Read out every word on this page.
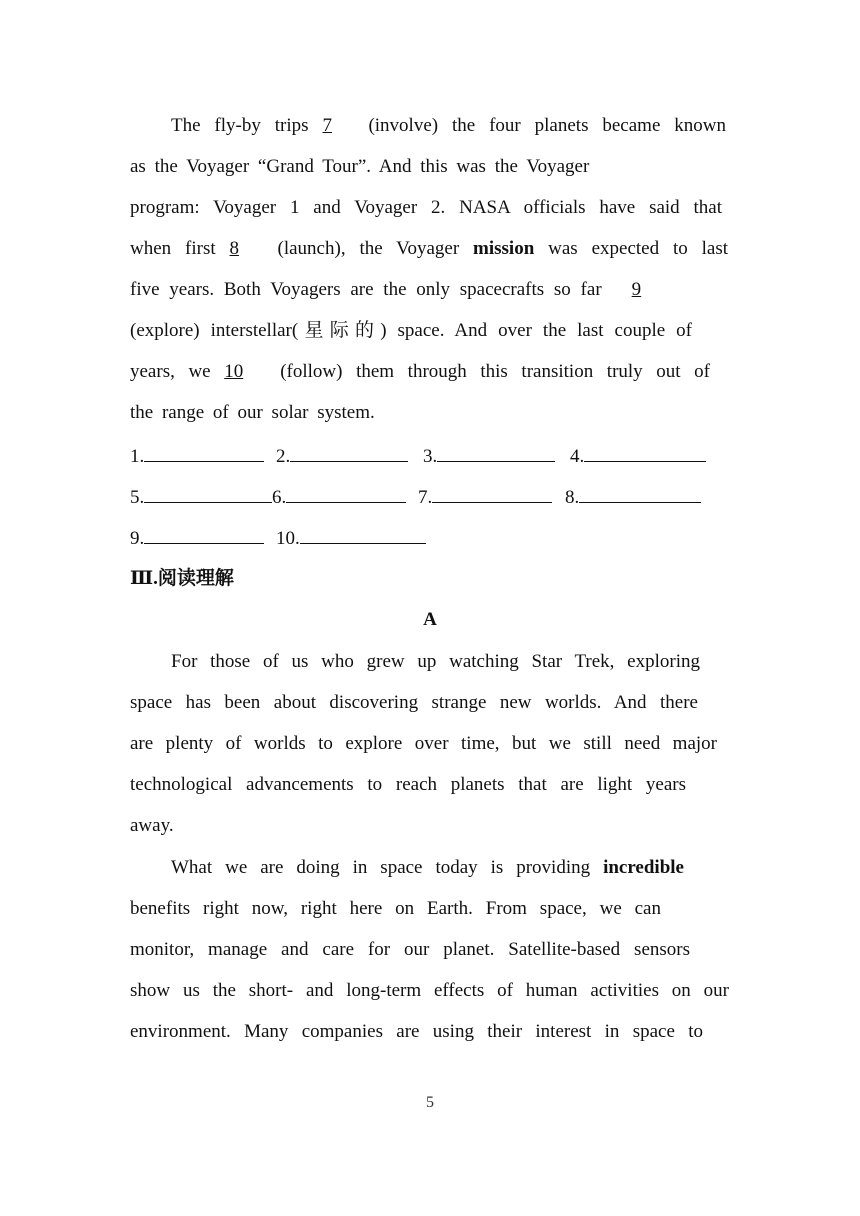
The fly-by trips 7 (involve) the four planets became known
as the Voyager “Grand Tour”. And this was the Voyager
program: Voyager 1 and Voyager 2. NASA officials have said that
when first 8 (launch), the Voyager mission was expected to last
five years. Both Voyagers are the only spacecrafts so far 9
(explore) interstellar(星际的) space. And over the last couple of
years, we 10 (follow) them through this transition truly out of
the range of our solar system.
1.	2.	3.	4.
5.	6.	7.	8.
9.	10.
Ⅲ.阅读理解
A
For those of us who grew up watching Star Trek, exploring
space has been about discovering strange new worlds. And there
are plenty of worlds to explore over time, but we still need major
technological advancements to reach planets that are light years
away.
What we are doing in space today is providing incredible
benefits right now, right here on Earth. From space, we can
monitor, manage and care for our planet. Satellite-based sensors
show us the short- and long-term effects of human activities on our
environment. Many companies are using their interest in space to
5
